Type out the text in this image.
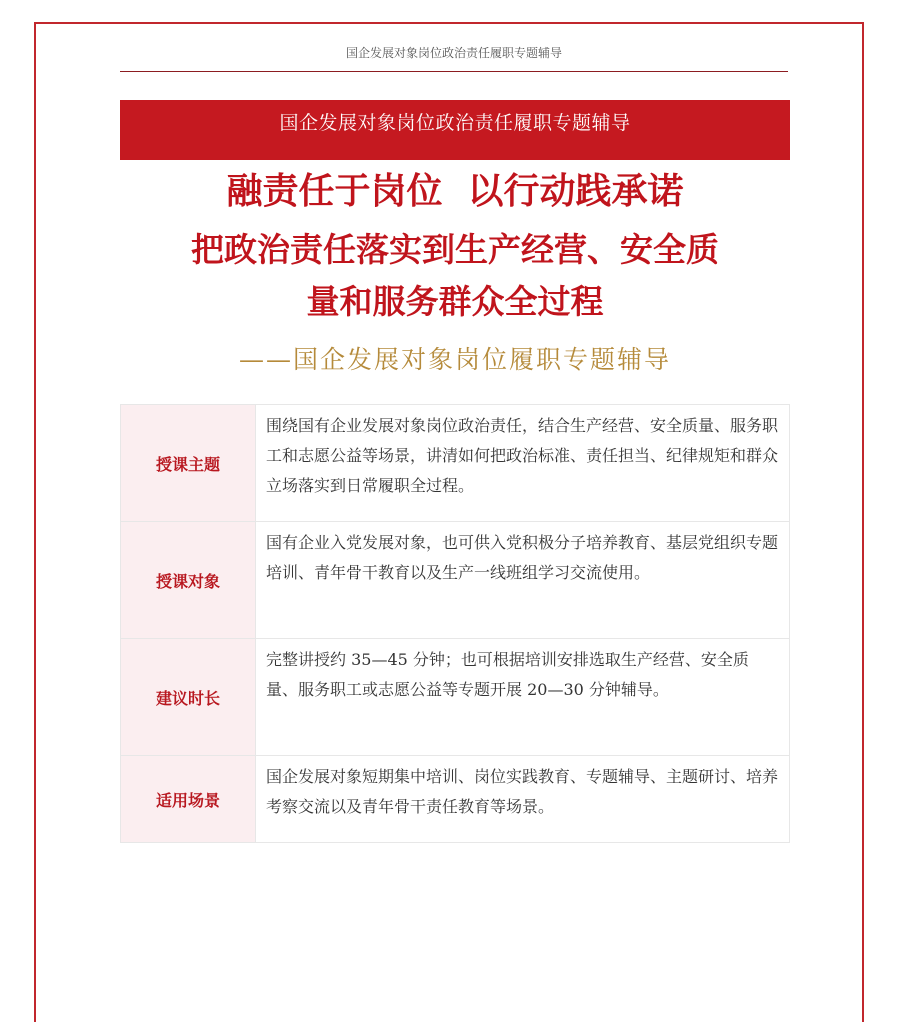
国企发展对象岗位政治责任履职专题辅导
国企发展对象岗位政治责任履职专题辅导
融责任于岗位  以行动践承诺
把政治责任落实到生产经营、安全质
量和服务群众全过程
——国企发展对象岗位履职专题辅导
授课主题	围绕国有企业发展对象岗位政治责任，结合生产经营、安全质量、服务职工和志愿公益等场景，讲清如何把政治标准、责任担当、纪律规矩和群众立场落实到日常履职全过程。
授课对象	国有企业入党发展对象，也可供入党积极分子培养教育、基层党组织专题培训、青年骨干教育以及生产一线班组学习交流使用。
建议时长	完整讲授约 35—45 分钟；也可根据培训安排选取生产经营、安全质量、服务职工或志愿公益等专题开展 20—30 分钟辅导。
适用场景	国企发展对象短期集中培训、岗位实践教育、专题辅导、主题研讨、培养考察交流以及青年骨干责任教育等场景。
